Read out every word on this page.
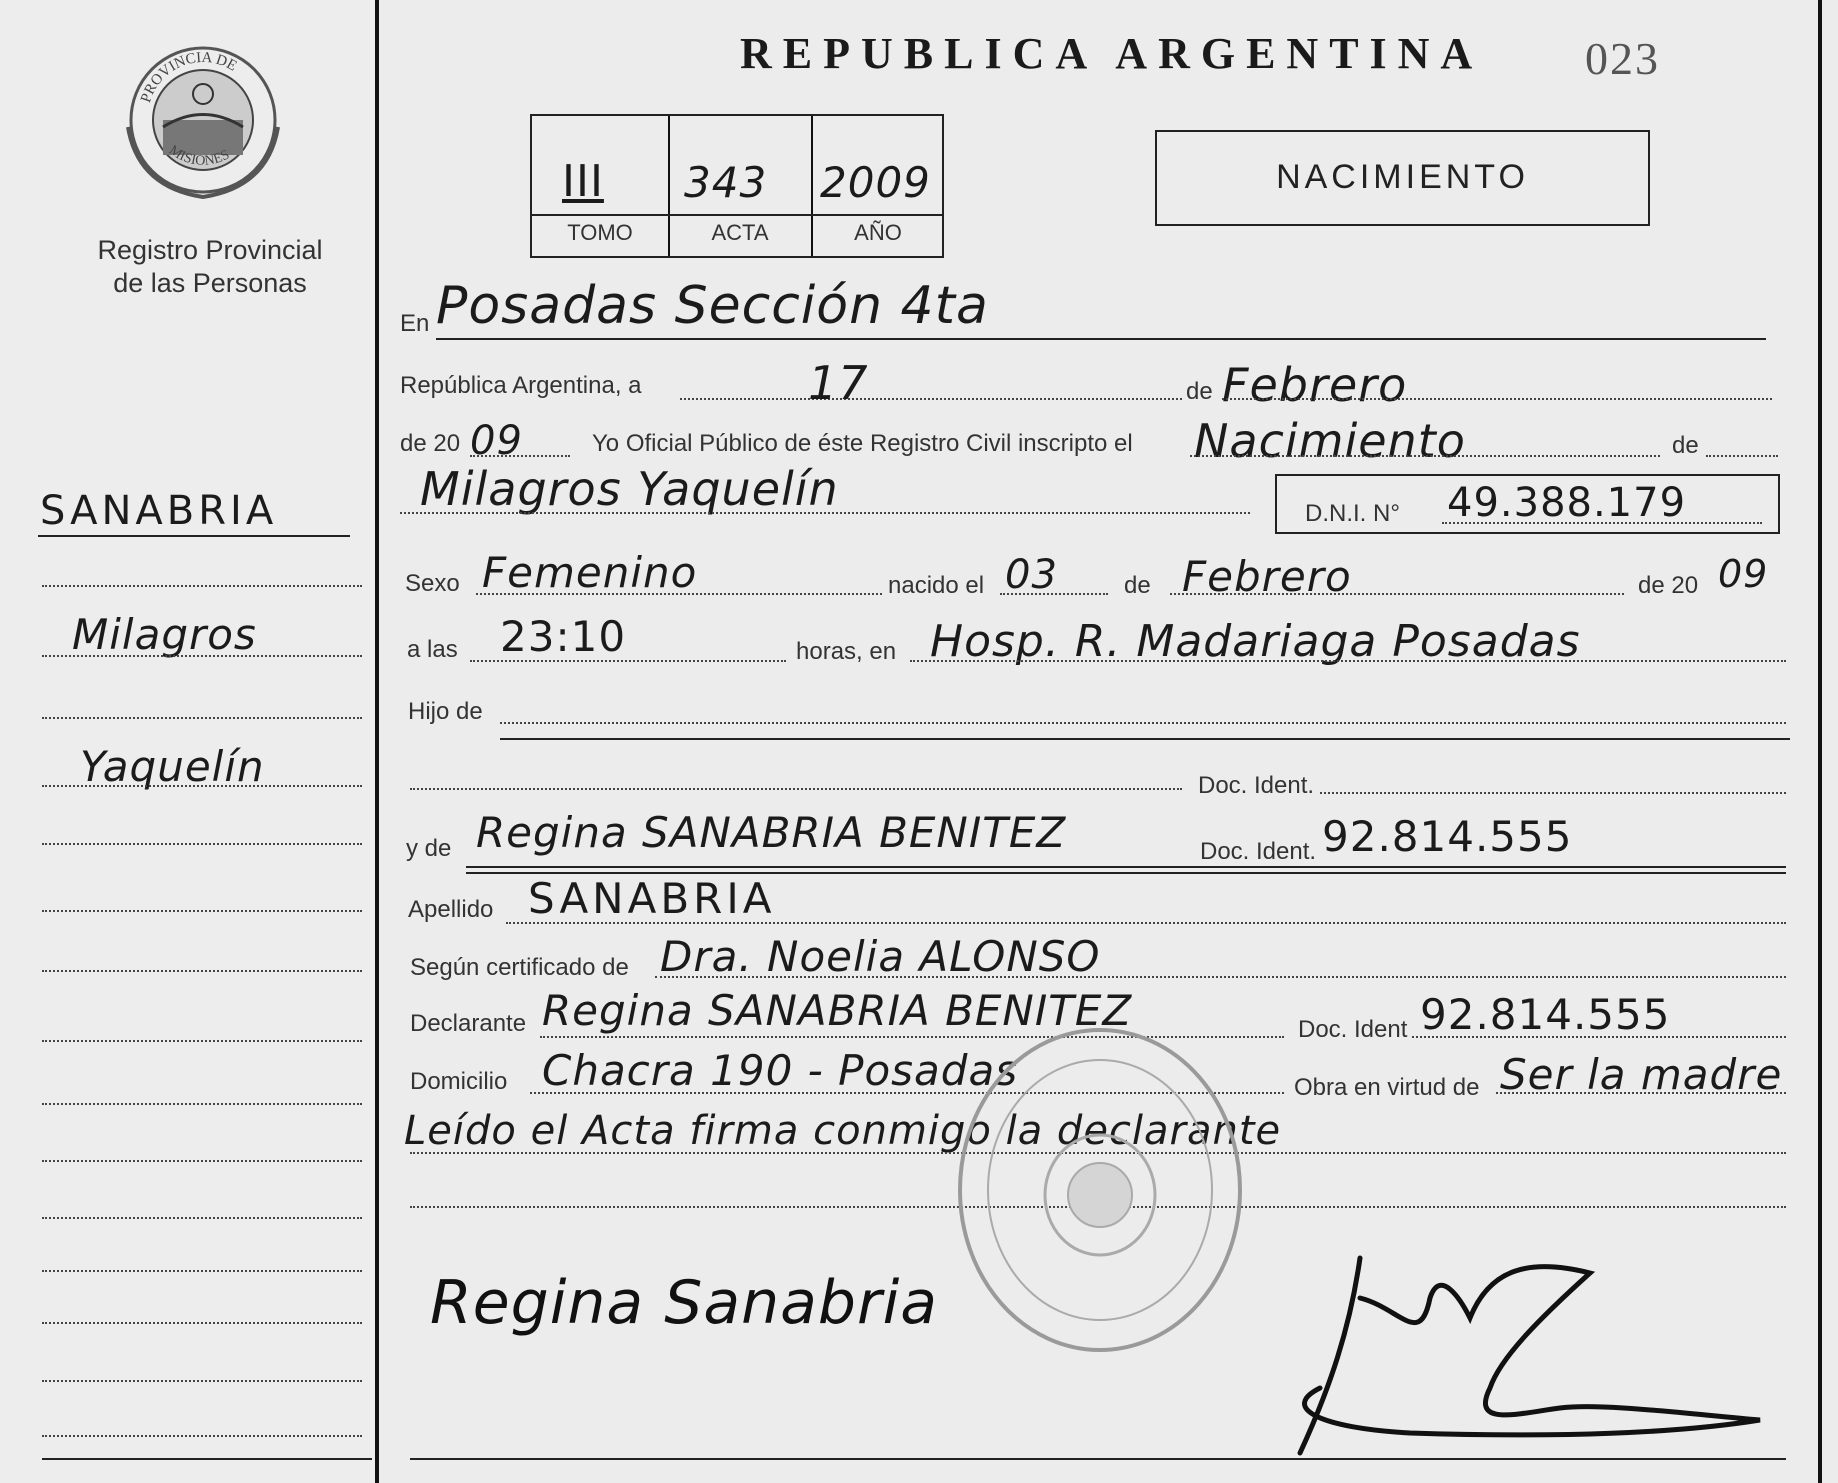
PROVINCIA DE
MISIONES
Registro Provincial
de las Personas
SANABRIA
Milagros
Yaquelín
REPUBLICA ARGENTINA 023
III 343 2009
TOMO	ACTA	AÑO
NACIMIENTO
En Posadas Sección 4ta
República Argentina, a	17	de Febrero
de 20 09	Yo Oficial Público de éste Registro Civil inscripto el Nacimiento	de
Milagros Yaquelín	D.N.I. N° 49.388.179
Sexo Femenino	nacido el 03	de Febrero	de 20 09
a las 23:10	horas, en Hosp. R. Madariaga Posadas
Hijo de
Doc. Ident.
y de Regina SANABRIA BENITEZ	Doc. Ident. 92.814.555
Apellido SANABRIA
Según certificado de Dra. Noelia ALONSO
Declarante Regina SANABRIA BENITEZ	Doc. Ident 92.814.555
Domicilio Chacra 190 - Posadas	Obra en virtud de Ser la madre
Leído el Acta firma conmigo la declarante
Regina Sanabria
